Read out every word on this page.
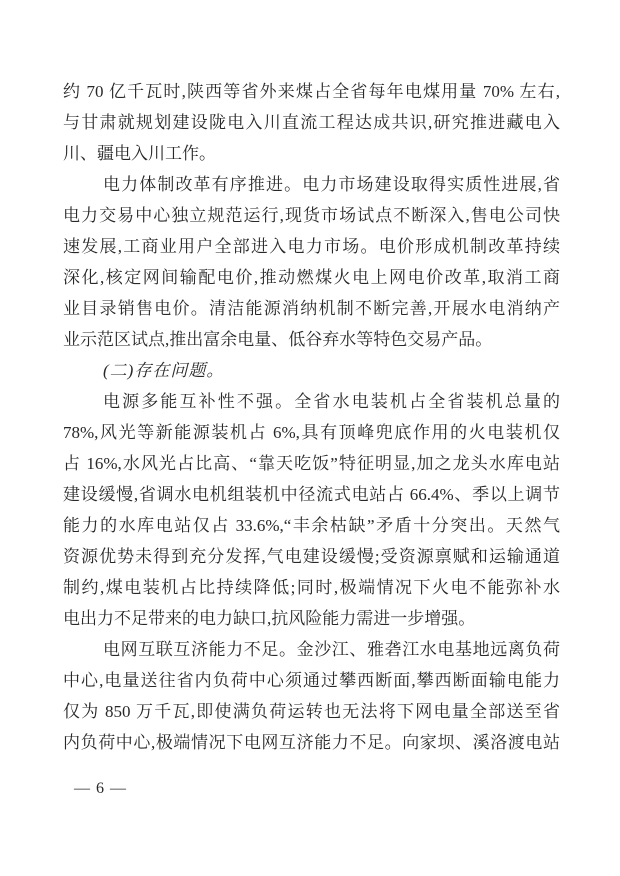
约 70 亿千瓦时,陕西等省外来煤占全省每年电煤用量 70% 左右,
与甘肃就规划建设陇电入川直流工程达成共识,研究推进藏电入
川、疆电入川工作。
电力体制改革有序推进。电力市场建设取得实质性进展,省
电力交易中心独立规范运行,现货市场试点不断深入,售电公司快
速发展,工商业用户全部进入电力市场。电价形成机制改革持续
深化,核定网间输配电价,推动燃煤火电上网电价改革,取消工商
业目录销售电价。清洁能源消纳机制不断完善,开展水电消纳产
业示范区试点,推出富余电量、低谷弃水等特色交易产品。
(二)存在问题。
电源多能互补性不强。全省水电装机占全省装机总量的
78%,风光等新能源装机占 6%,具有顶峰兜底作用的火电装机仅
占 16%,水风光占比高、“靠天吃饭”特征明显,加之龙头水库电站
建设缓慢,省调水电机组装机中径流式电站占 66.4%、季以上调节
能力的水库电站仅占 33.6%,“丰余枯缺”矛盾十分突出。天然气
资源优势未得到充分发挥,气电建设缓慢;受资源禀赋和运输通道
制约,煤电装机占比持续降低;同时,极端情况下火电不能弥补水
电出力不足带来的电力缺口,抗风险能力需进一步增强。
电网互联互济能力不足。金沙江、雅砻江水电基地远离负荷
中心,电量送往省内负荷中心须通过攀西断面,攀西断面输电能力
仅为 850 万千瓦,即使满负荷运转也无法将下网电量全部送至省
内负荷中心,极端情况下电网互济能力不足。向家坝、溪洛渡电站
— 6 —
